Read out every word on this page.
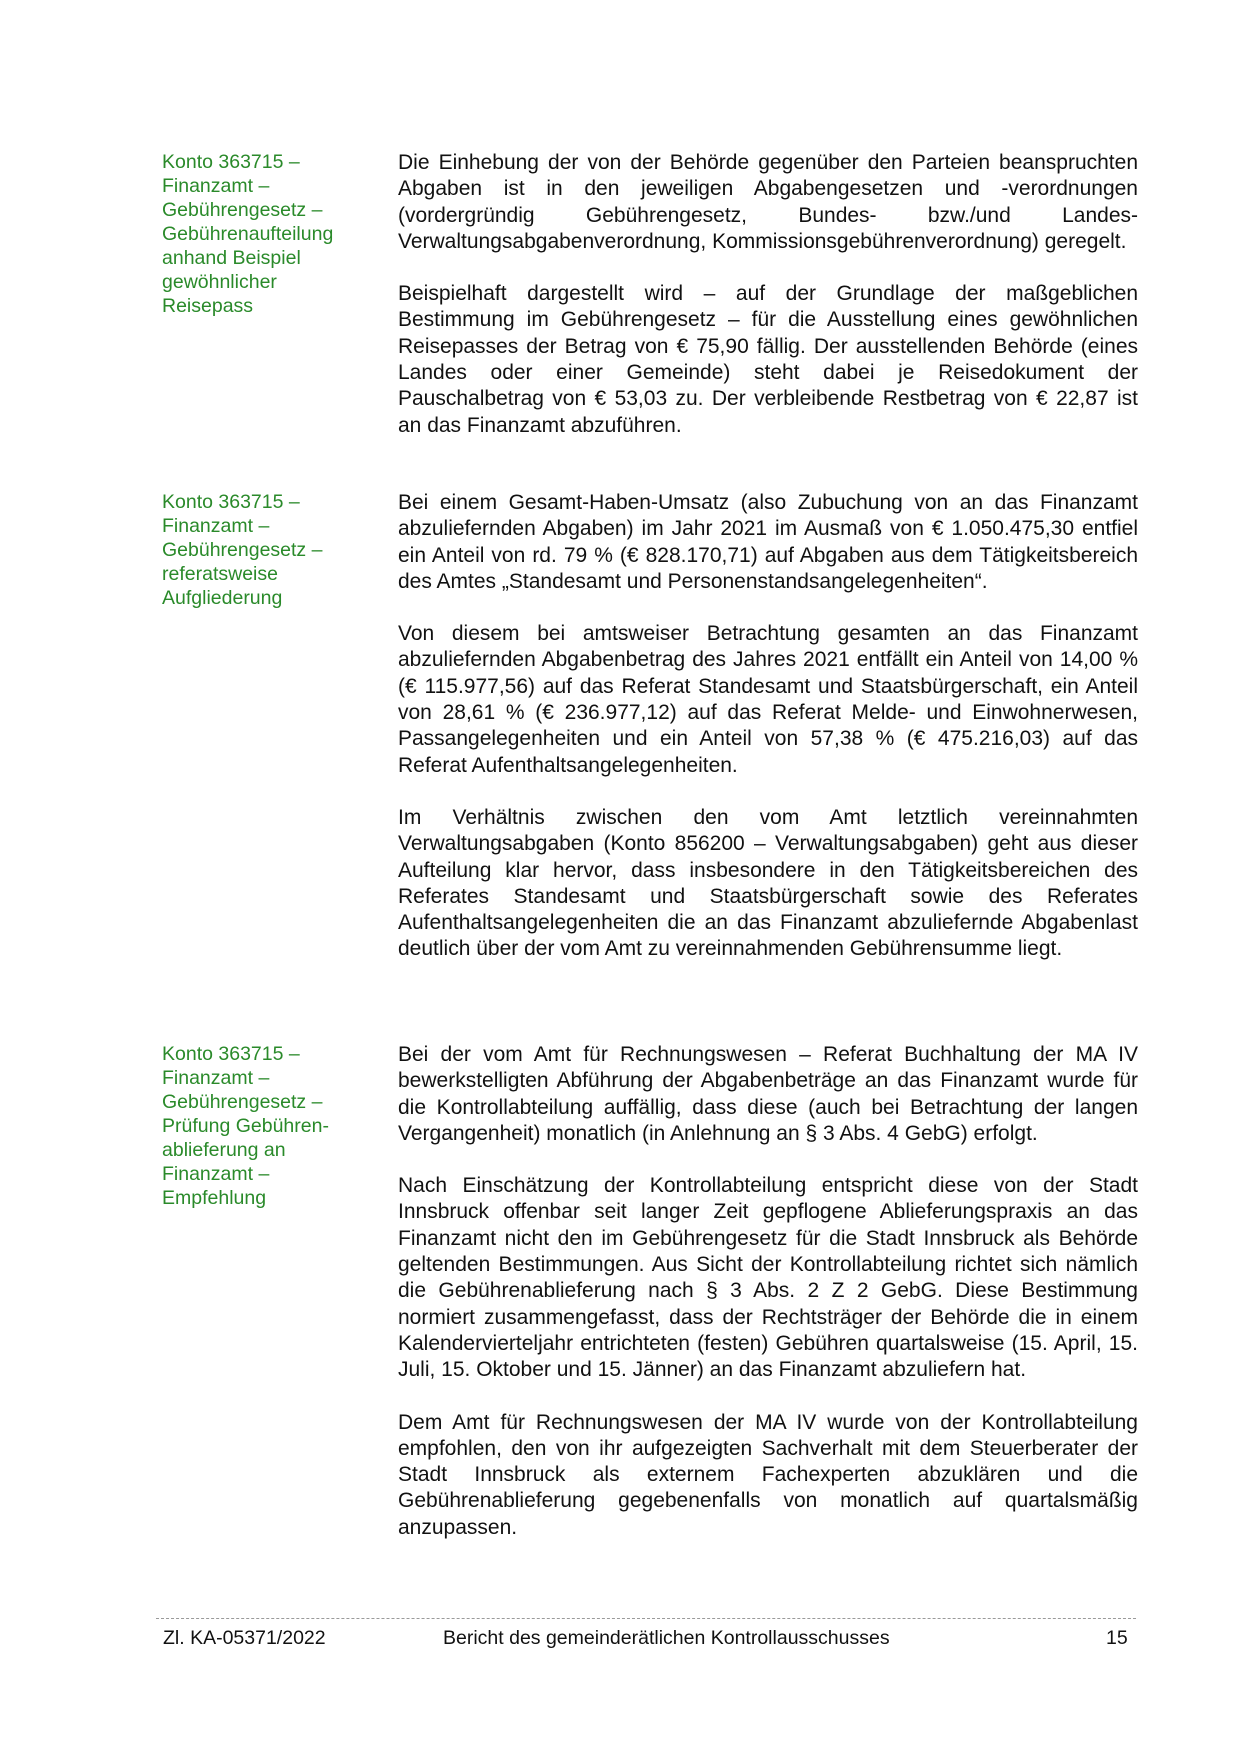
Konto 363715 –
Finanzamt –
Gebührengesetz –
Gebührenaufteilung
anhand Beispiel
gewöhnlicher
Reisepass

Die Einhebung der von der Behörde gegenüber den Parteien beanspruchten Abgaben ist in den jeweiligen Abgabengesetzen und -verordnungen (vordergründig Gebührengesetz, Bundes- bzw./und Landes-Verwaltungsabgabenverordnung, Kommissionsgebührenverordnung) geregelt.

Beispielhaft dargestellt wird – auf der Grundlage der maßgeblichen Bestimmung im Gebührengesetz – für die Ausstellung eines gewöhnlichen Reisepasses der Betrag von € 75,90 fällig. Der ausstellenden Behörde (eines Landes oder einer Gemeinde) steht dabei je Reisedokument der Pauschalbetrag von € 53,03 zu. Der verbleibende Restbetrag von € 22,87 ist an das Finanzamt abzuführen.

Konto 363715 –
Finanzamt –
Gebührengesetz –
referatsweise
Aufgliederung

Bei einem Gesamt-Haben-Umsatz (also Zubuchung von an das Finanzamt abzuliefernden Abgaben) im Jahr 2021 im Ausmaß von € 1.050.475,30 entfiel ein Anteil von rd. 79 % (€ 828.170,71) auf Abgaben aus dem Tätigkeitsbereich des Amtes „Standesamt und Personenstandsangelegenheiten“.

Von diesem bei amtsweiser Betrachtung gesamten an das Finanzamt abzuliefernden Abgabenbetrag des Jahres 2021 entfällt ein Anteil von 14,00 % (€ 115.977,56) auf das Referat Standesamt und Staatsbürgerschaft, ein Anteil von 28,61 % (€ 236.977,12) auf das Referat Melde- und Einwohnerwesen, Passangelegenheiten und ein Anteil von 57,38 % (€ 475.216,03) auf das Referat Aufenthaltsangelegenheiten.

Im Verhältnis zwischen den vom Amt letztlich vereinnahmten Verwaltungsabgaben (Konto 856200 – Verwaltungsabgaben) geht aus dieser Aufteilung klar hervor, dass insbesondere in den Tätigkeitsbereichen des Referates Standesamt und Staatsbürgerschaft sowie des Referates Aufenthaltsangelegenheiten die an das Finanzamt abzuliefernde Abgabenlast deutlich über der vom Amt zu vereinnahmenden Gebührensumme liegt.

Konto 363715 –
Finanzamt –
Gebührengesetz –
Prüfung Gebühren-
ablieferung an
Finanzamt –
Empfehlung

Bei der vom Amt für Rechnungswesen – Referat Buchhaltung der MA IV bewerkstelligten Abführung der Abgabenbeträge an das Finanzamt wurde für die Kontrollabteilung auffällig, dass diese (auch bei Betrachtung der langen Vergangenheit) monatlich (in Anlehnung an § 3 Abs. 4 GebG) erfolgt.

Nach Einschätzung der Kontrollabteilung entspricht diese von der Stadt Innsbruck offenbar seit langer Zeit gepflogene Ablieferungspraxis an das Finanzamt nicht den im Gebührengesetz für die Stadt Innsbruck als Behörde geltenden Bestimmungen. Aus Sicht der Kontrollabteilung richtet sich nämlich die Gebührenablieferung nach § 3 Abs. 2 Z 2 GebG. Diese Bestimmung normiert zusammengefasst, dass der Rechtsträger der Behörde die in einem Kalendervierteljahr entrichteten (festen) Gebühren quartalsweise (15. April, 15. Juli, 15. Oktober und 15. Jänner) an das Finanzamt abzuliefern hat.

Dem Amt für Rechnungswesen der MA IV wurde von der Kontrollabteilung empfohlen, den von ihr aufgezeigten Sachverhalt mit dem Steuerberater der Stadt Innsbruck als externem Fachexperten abzuklären und die Gebührenablieferung gegebenenfalls von monatlich auf quartalsmäßig anzupassen.

Zl. KA-05371/2022	Bericht des gemeinderätlichen Kontrollausschusses	15
